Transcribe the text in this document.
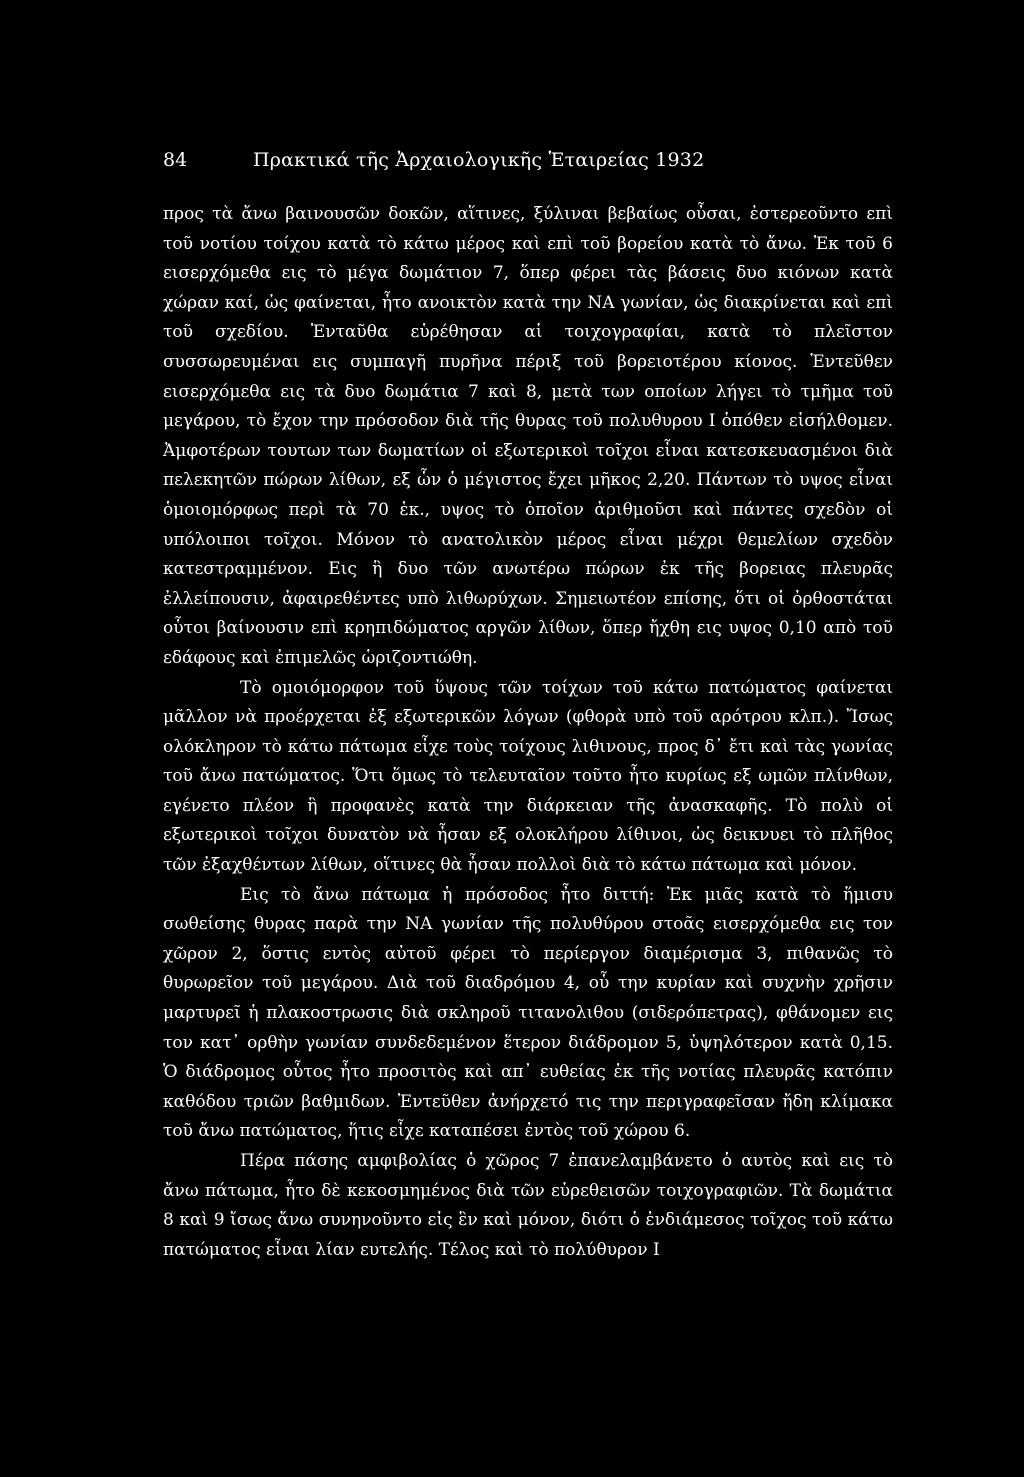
84	Πρακτικά τῆς Ἀρχαιολογικῆς Ἑταιρείας 1932

προς τὰ ἄνω βαινουσῶν δοκῶν, αἵτινες, ξύλιναι βεβαίως οὖσαι, ἐστερεοῦντο επὶ τοῦ νοτίου τοίχου κατὰ τὸ κάτω μέρος καὶ επὶ τοῦ βορείου κατὰ τὸ ἄνω. Ἐκ τοῦ 6 εισερχόμεθα εις τὸ μέγα δωμάτιον 7, ὅπερ φέρει τὰς βάσεις δυο κιόνων κατὰ χώραν καί, ὡς φαίνεται, ἦτο ανοικτὸν κατὰ την ΝΑ γωνίαν, ὡς διακρίνεται καὶ επὶ τοῦ σχεδίου. Ἐνταῦθα εὑρέθησαν αἱ τοιχογραφίαι, κατὰ τὸ πλεῖστον συσσωρευμέναι εις συμπαγῆ πυρῆνα πέριξ τοῦ βορειοτέρου κίονος. Ἐντεῦθεν εισερχόμεθα εις τὰ δυο δωμάτια 7 καὶ 8, μετὰ των οποίων λήγει τὸ τμῆμα τοῦ μεγάρου, τὸ ἔχον την πρόσοδον διὰ τῆς θυρας τοῦ πολυθυρου Ι ὁπόθεν εἰσήλθομεν. Ἀμφοτέρων τουτων των δωματίων οἱ εξωτερικοὶ τοῖχοι εἶναι κατεσκευασμένοι διὰ πελεκητῶν πώρων λίθων, εξ ὧν ὁ μέγιστος ἔχει μῆκος 2,20. Πάντων τὸ υψος εἶναι ὁμοιομόρφως περὶ τὰ 70 ἑκ., υψος τὸ ὁποῖον ἀριθμοῦσι καὶ πάντες σχεδὸν οἱ υπόλοιποι τοῖχοι. Μόνον τὸ ανατολικὸν μέρος εἶναι μέχρι θεμελίων σχεδὸν κατεστραμμένον. Εις ἣ δυο τῶν ανωτέρω πώρων ἐκ τῆς βορειας πλευρᾶς ἐλλείπουσιν, ἀφαιρεθέντες υπὸ λιθωρύχων. Σημειωτέον επίσης, ὅτι οἱ ὀρθοστάται οὗτοι βαίνουσιν επὶ κρηπιδώματος αργῶν λίθων, ὅπερ ἤχθη εις υψος 0,10 απὸ τοῦ εδάφους καὶ ἐπιμελῶς ὡριζοντιώθη.

Τὸ ομοιόμορφον τοῦ ὕψους τῶν τοίχων τοῦ κάτω πατώματος φαίνεται μᾶλλον νὰ προέρχεται ἐξ εξωτερικῶν λόγων (φθορὰ υπὸ τοῦ αρότρου κλπ.). Ἴσως ολόκληρον τὸ κάτω πάτωμα εἶχε τοὺς τοίχους λιθινους, προς δ᾽ ἔτι καὶ τὰς γωνίας τοῦ ἄνω πατώματος. Ὅτι ὅμως τὸ τελευταῖον τοῦτο ἦτο κυρίως εξ ωμῶν πλίνθων, εγένετο πλέον ἣ προφανὲς κατὰ την διάρκειαν τῆς ἀνασκαφῆς. Τὸ πολὺ οἱ εξωτερικοὶ τοῖχοι δυνατὸν νὰ ἦσαν εξ ολοκλήρου λίθινοι, ὡς δεικνυει τὸ πλῆθος τῶν ἐξαχθέντων λίθων, οἵτινες θὰ ἦσαν πολλοὶ διὰ τὸ κάτω πάτωμα καὶ μόνον.

Εις τὸ ἄνω πάτωμα ἡ πρόσοδος ἦτο διττή: Ἐκ μιᾶς κατὰ τὸ ἥμισυ σωθείσης θυρας παρὰ την ΝΑ γωνίαν τῆς πολυθύρου στοᾶς εισερχόμεθα εις τον χῶρον 2, ὅστις εντὸς αὐτοῦ φέρει τὸ περίεργον διαμέρισμα 3, πιθανῶς τὸ θυρωρεῖον τοῦ μεγάρου. Διὰ τοῦ διαδρόμου 4, οὗ την κυρίαν καὶ συχνὴν χρῆσιν μαρτυρεῖ ἡ πλακοστρωσις διὰ σκληροῦ τιτανολιθου (σιδερόπετρας), φθάνομεν εις τον κατ᾽ ορθὴν γωνίαν συνδεδεμένον ἕτερον διάδρομον 5, ὑψηλότερον κατὰ 0,15. Ὁ διάδρομος οὗτος ἦτο προσιτὸς καὶ απ᾽ ευθείας ἐκ τῆς νοτίας πλευρᾶς κατόπιν καθόδου τριῶν βαθμιδων. Ἐντεῦθεν ἀνήρχετό τις την περιγραφεῖσαν ἤδη κλίμακα τοῦ ἄνω πατώματος, ἥτις εἶχε καταπέσει ἐντὸς τοῦ χώρου 6.

Πέρα πάσης αμφιβολίας ὁ χῶρος 7 ἐπανελαμβάνετο ὁ αυτὸς καὶ εις τὸ ἄνω πάτωμα, ἦτο δὲ κεκοσμημένος διὰ τῶν εὑρεθεισῶν τοιχογραφιῶν. Τὰ δωμάτια 8 καὶ 9 ἴσως ἄνω συνηνοῦντο εἰς ἓν καὶ μόνον, διότι ὁ ἐνδιάμεσος τοῖχος τοῦ κάτω πατώματος εἶναι λίαν ευτελής. Τέλος καὶ τὸ πολύθυρον Ι
